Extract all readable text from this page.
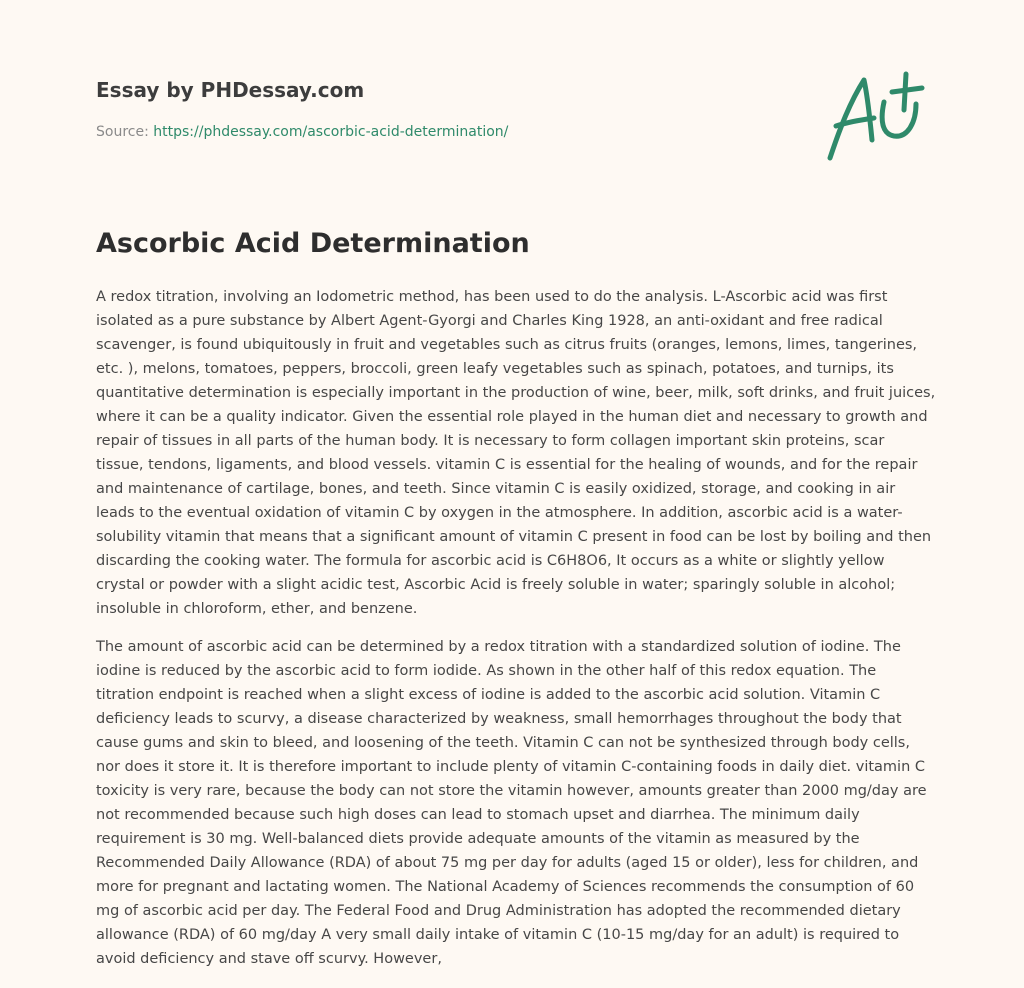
Essay by PHDessay.com
Source: https://phdessay.com/ascorbic-acid-determination/
Ascorbic Acid Determination

A redox titration, involving an Iodometric method, has been used to do the analysis. L-Ascorbic acid was first isolated as a pure substance by Albert Agent-Gyorgi and Charles King 1928, an anti-oxidant and free radical scavenger, is found ubiquitously in fruit and vegetables such as citrus fruits (oranges, lemons, limes, tangerines, etc. ), melons, tomatoes, peppers, broccoli, green leafy vegetables such as spinach, potatoes, and turnips, its quantitative determination is especially important in the production of wine, beer, milk, soft drinks, and fruit juices, where it can be a quality indicator. Given the essential role played in the human diet and necessary to growth and repair of tissues in all parts of the human body. It is necessary to form collagen important skin proteins, scar tissue, tendons, ligaments, and blood vessels. vitamin C is essential for the healing of wounds, and for the repair and maintenance of cartilage, bones, and teeth. Since vitamin C is easily oxidized, storage, and cooking in air leads to the eventual oxidation of vitamin C by oxygen in the atmosphere. In addition, ascorbic acid is a water-solubility vitamin that means that a significant amount of vitamin C present in food can be lost by boiling and then discarding the cooking water. The formula for ascorbic acid is C6H8O6, It occurs as a white or slightly yellow crystal or powder with a slight acidic test, Ascorbic Acid is freely soluble in water; sparingly soluble in alcohol; insoluble in chloroform, ether, and benzene.

The amount of ascorbic acid can be determined by a redox titration with a standardized solution of iodine. The iodine is reduced by the ascorbic acid to form iodide. As shown in the other half of this redox equation. The titration endpoint is reached when a slight excess of iodine is added to the ascorbic acid solution. Vitamin C deficiency leads to scurvy, a disease characterized by weakness, small hemorrhages throughout the body that cause gums and skin to bleed, and loosening of the teeth. Vitamin C can not be synthesized through body cells, nor does it store it. It is therefore important to include plenty of vitamin C-containing foods in daily diet. vitamin C toxicity is very rare, because the body can not store the vitamin however, amounts greater than 2000 mg/day are not recommended because such high doses can lead to stomach upset and diarrhea. The minimum daily requirement is 30 mg. Well-balanced diets provide adequate amounts of the vitamin as measured by the Recommended Daily Allowance (RDA) of about 75 mg per day for adults (aged 15 or older), less for children, and more for pregnant and lactating women. The National Academy of Sciences recommends the consumption of 60 mg of ascorbic acid per day. The Federal Food and Drug Administration has adopted the recommended dietary allowance (RDA) of 60 mg/day A very small daily intake of vitamin C (10-15 mg/day for an adult) is required to avoid deficiency and stave off scurvy. However,
